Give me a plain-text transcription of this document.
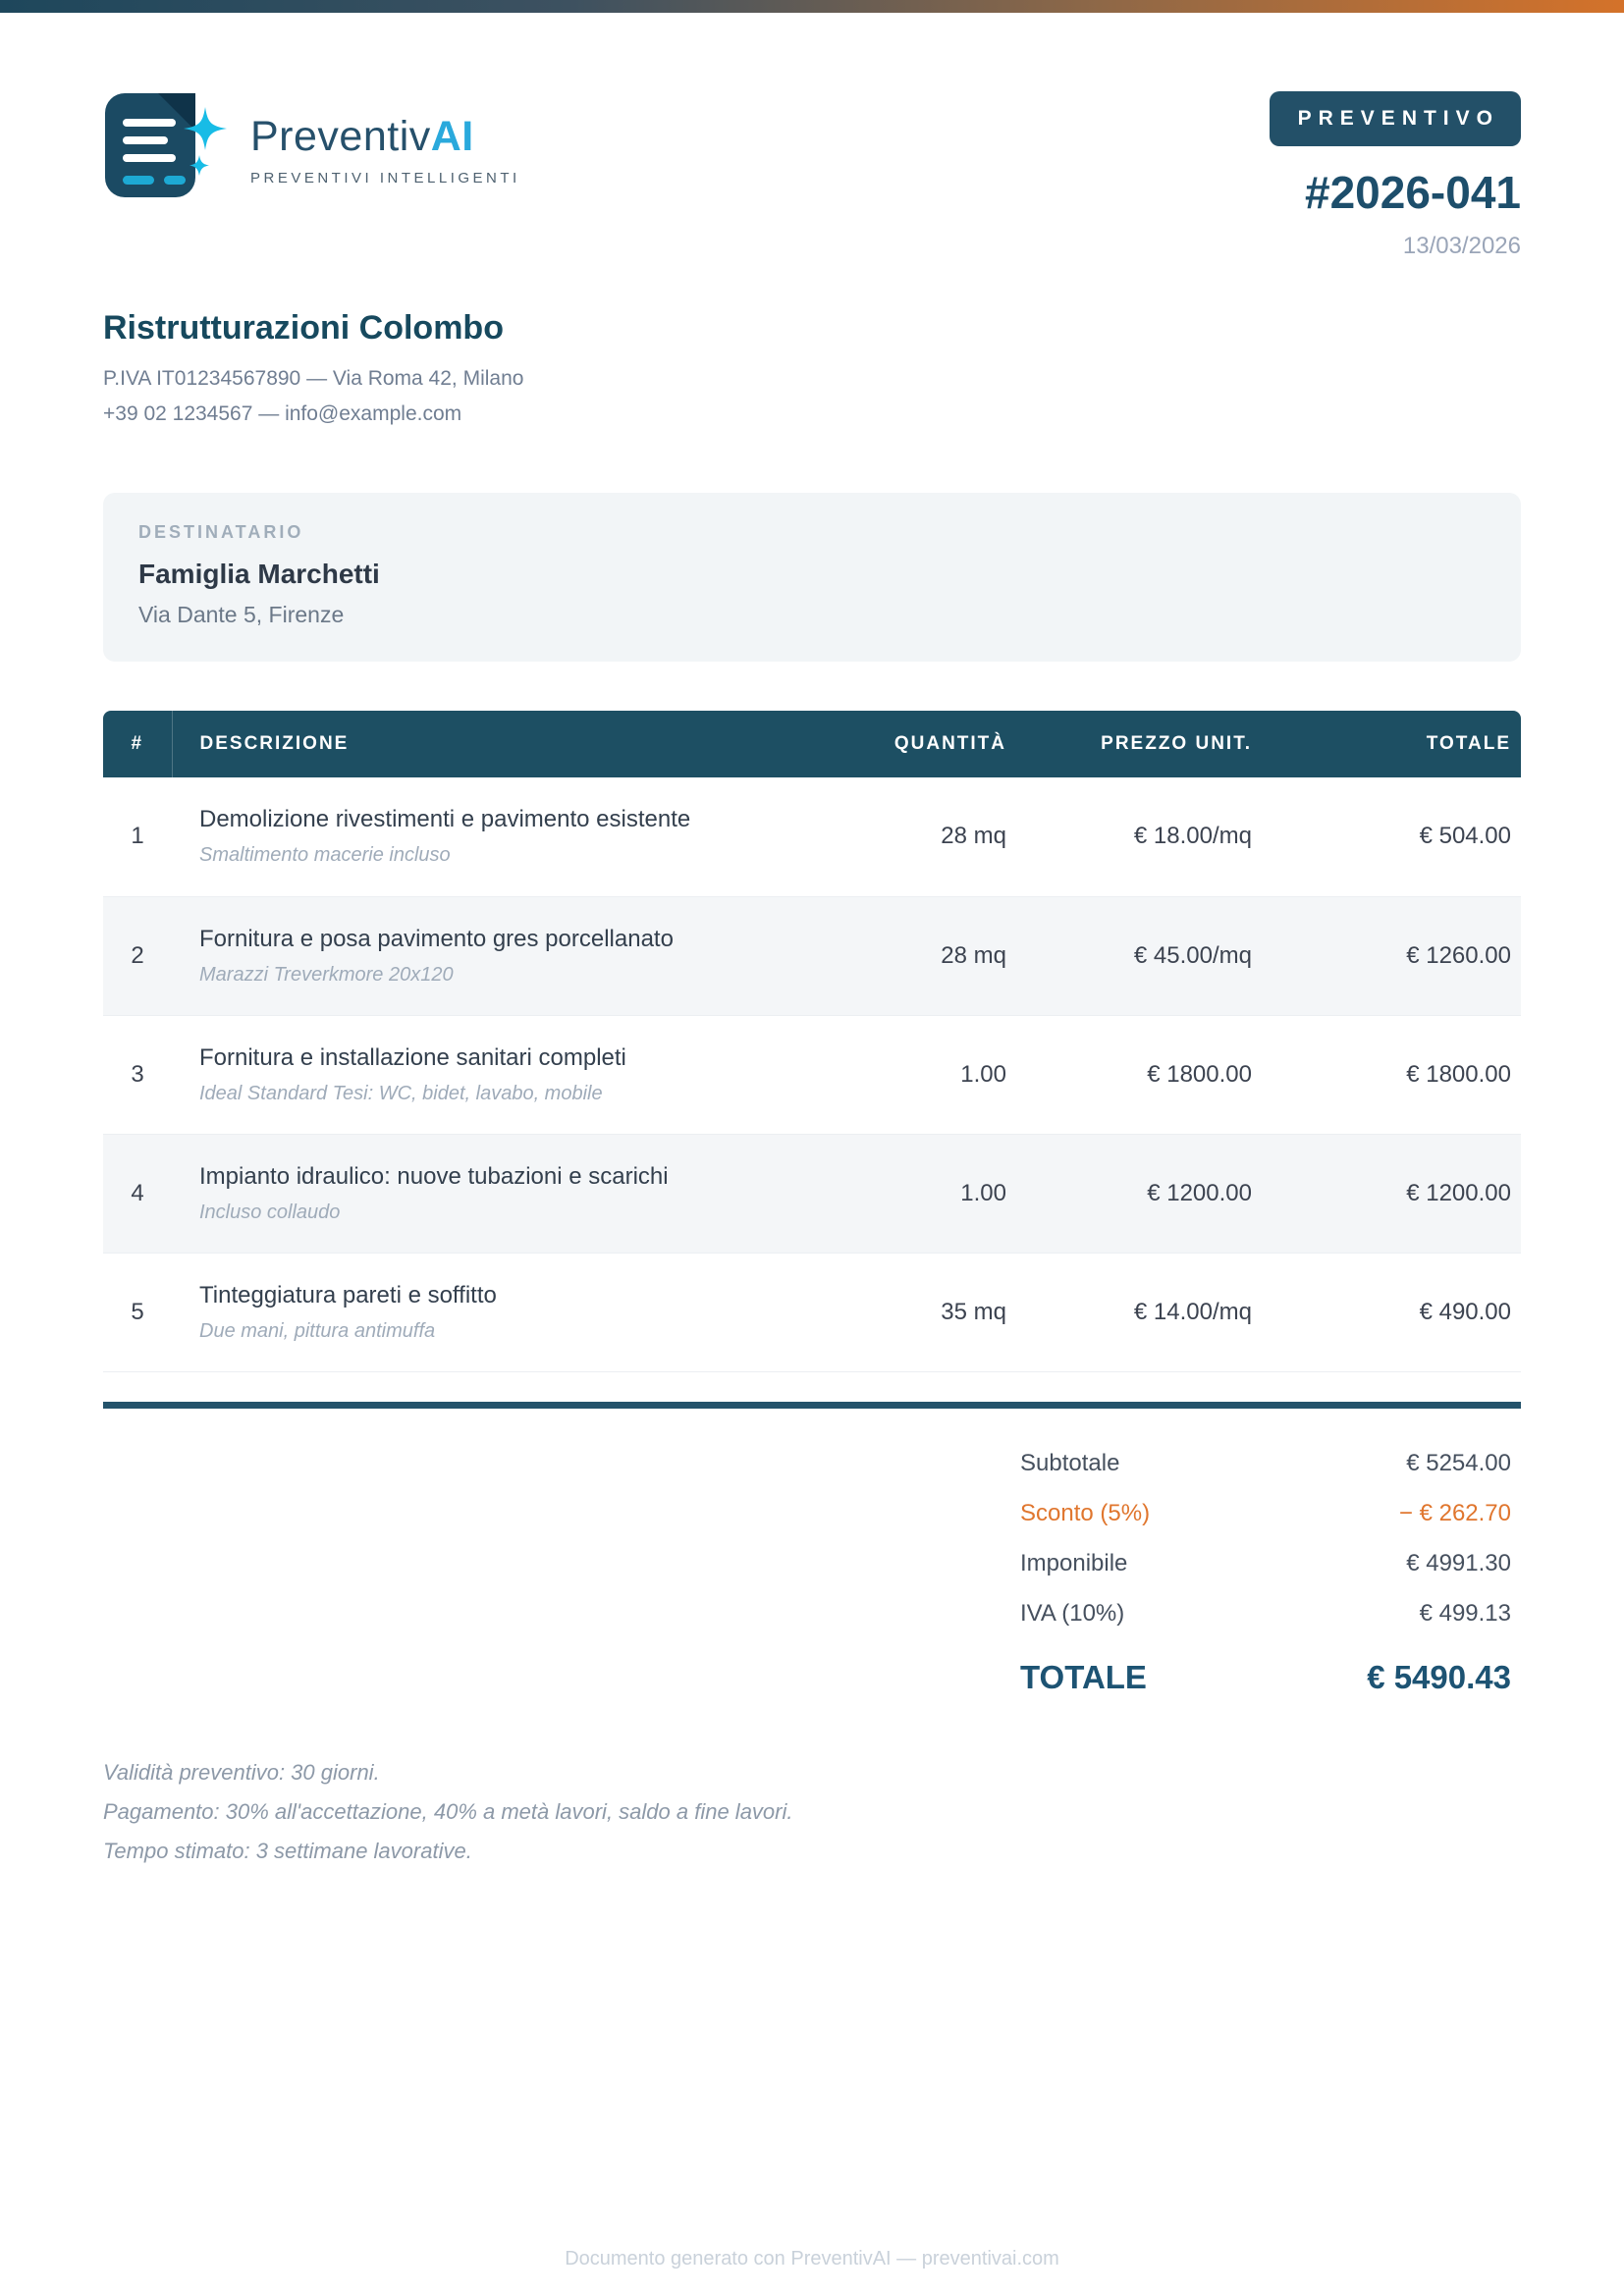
PreventivAI
PREVENTIVI INTELLIGENTI
PREVENTIVO
#2026-041
13/03/2026
Ristrutturazioni Colombo
P.IVA IT01234567890 — Via Roma 42, Milano
+39 02 1234567 — info@example.com
DESTINATARIO
Famiglia Marchetti
Via Dante 5, Firenze
#	DESCRIZIONE	QUANTITÀ	PREZZO UNIT.	TOTALE
1	Demolizione rivestimenti e pavimento esistente
Smaltimento macerie incluso	28 mq	€ 18.00/mq	€ 504.00
2	Fornitura e posa pavimento gres porcellanato
Marazzi Treverkmore 20x120	28 mq	€ 45.00/mq	€ 1260.00
3	Fornitura e installazione sanitari completi
Ideal Standard Tesi: WC, bidet, lavabo, mobile	1.00	€ 1800.00	€ 1800.00
4	Impianto idraulico: nuove tubazioni e scarichi
Incluso collaudo	1.00	€ 1200.00	€ 1200.00
5	Tinteggiatura pareti e soffitto
Due mani, pittura antimuffa	35 mq	€ 14.00/mq	€ 490.00
Subtotale	€ 5254.00
Sconto (5%)	− € 262.70
Imponibile	€ 4991.30
IVA (10%)	€ 499.13
TOTALE	€ 5490.43
Validità preventivo: 30 giorni.
Pagamento: 30% all'accettazione, 40% a metà lavori, saldo a fine lavori.
Tempo stimato: 3 settimane lavorative.
Documento generato con PreventivAI — preventivai.com
